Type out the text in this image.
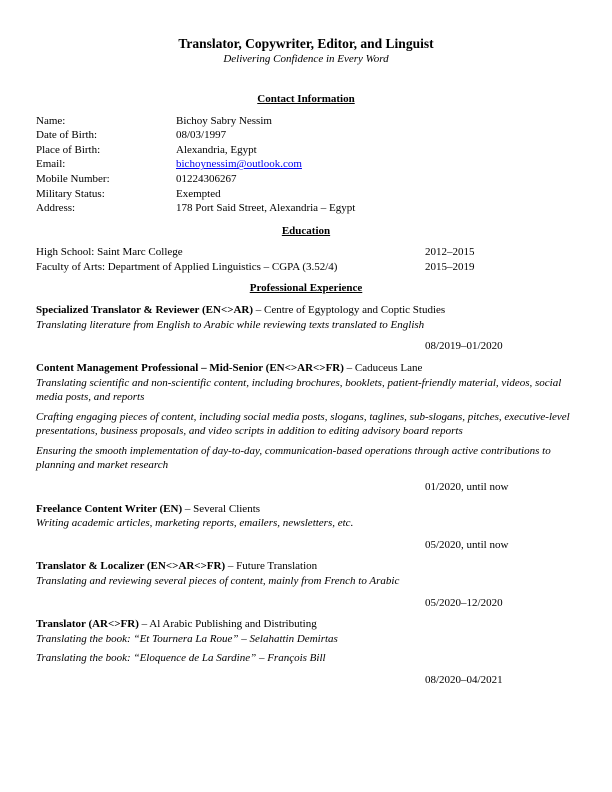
Translator, Copywriter, Editor, and Linguist

Delivering Confidence in Every Word

Contact Information
Name:	Bichoy Sabry Nessim
Date of Birth:	08/03/1997
Place of Birth:	Alexandria, Egypt
Email:	bichoynessim@outlook.com
Mobile Number:	01224306267
Military Status:	Exempted
Address:	178 Port Said Street, Alexandria – Egypt
Education
High School: Saint Marc College	2012–2015
Faculty of Arts: Department of Applied Linguistics – CGPA (3.52/4)	2015–2019
Professional Experience
Specialized Translator & Reviewer (EN<>AR) – Centre of Egyptology and Coptic Studies

Translating literature from English to Arabic while reviewing texts translated to English

08/2019–01/2020
Content Management Professional – Mid-Senior (EN<>AR<>FR) – Caduceus Lane

Translating scientific and non-scientific content, including brochures, booklets, patient-friendly material, videos, social media posts, and reports

Crafting engaging pieces of content, including social media posts, slogans, taglines, sub-slogans, pitches, executive-level presentations, business proposals, and video scripts in addition to editing advisory board reports

Ensuring the smooth implementation of day-to-day, communication-based operations through active contributions to planning and market research

01/2020, until now
Freelance Content Writer (EN) – Several Clients

Writing academic articles, marketing reports, emailers, newsletters, etc.

05/2020, until now
Translator & Localizer (EN<>AR<>FR) – Future Translation

Translating and reviewing several pieces of content, mainly from French to Arabic

05/2020–12/2020
Translator (AR<>FR) – Al Arabic Publishing and Distributing

Translating the book: “Et Tournera La Roue” – Selahattin Demirtas

Translating the book: “Eloquence de La Sardine” – François Bill

08/2020–04/2021
